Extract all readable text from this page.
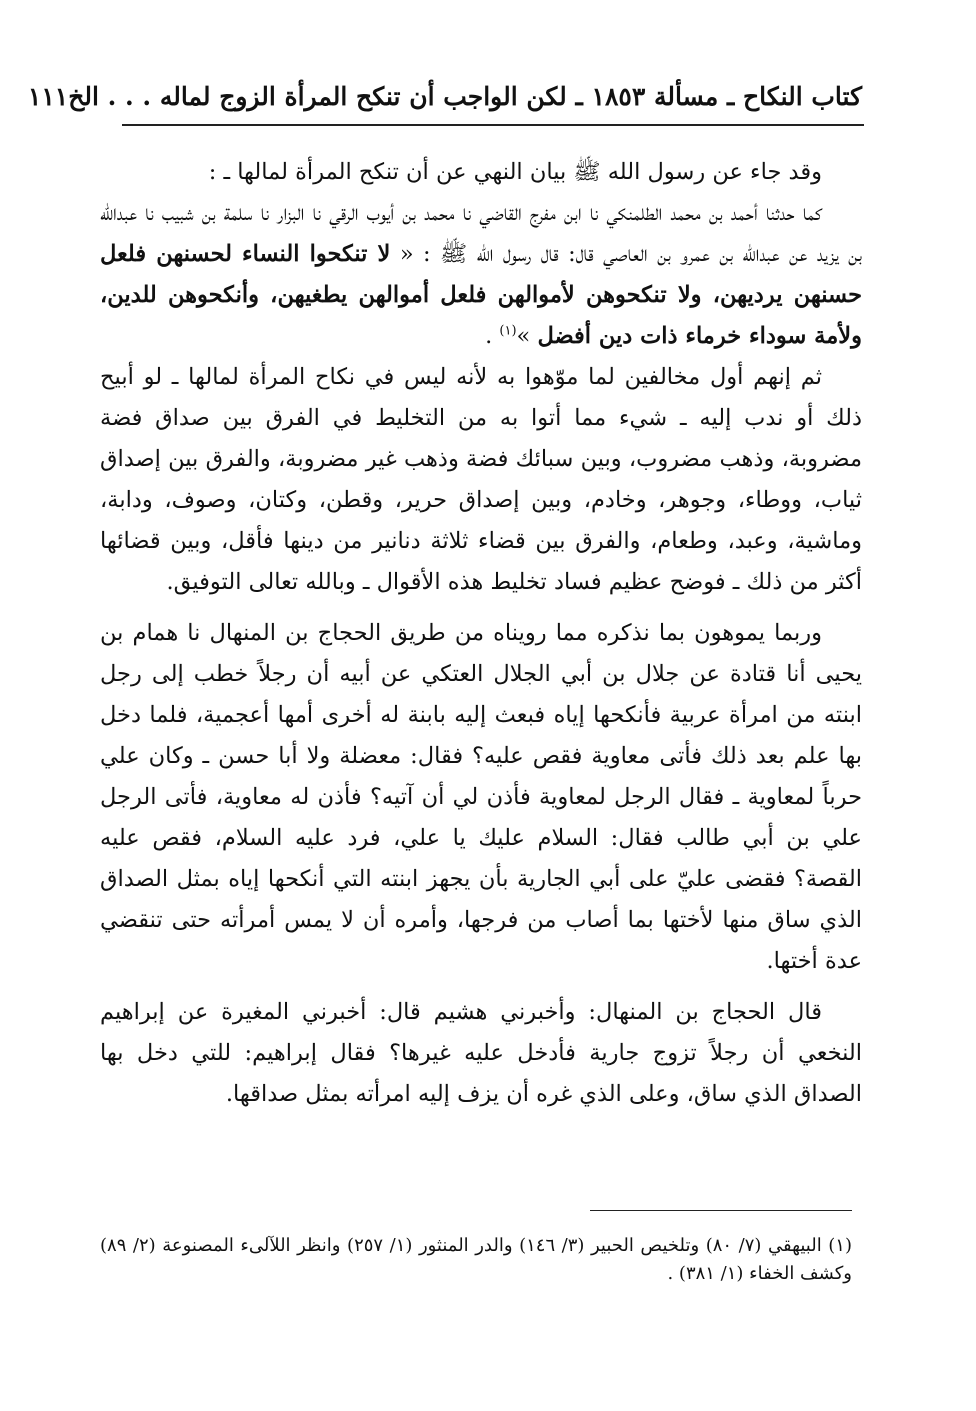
كتاب النكاح ـ مسألة ١٨٥٣ ـ لكن الواجب أن تنكح المرأة الزوج لماله . . . الخ
١١١

وقد جاء عن رسول الله ﷺ بيان النهي عن أن تنكح المرأة لمالها ـ :

كما حدثنا أحمد بن محمد الطلمنكي نا ابن مفرج القاضي نا محمد بن أيوب الرقي نا البزار نا سلمة بن شبيب نا عبدالله بن يزيد عن عبدالله بن عمرو بن العاصي قال: قال رسول الله ﷺ : « لا تنكحوا النساء لحسنهن فلعل حسنهن يرديهن، ولا تنكحوهن لأموالهن فلعل أموالهن يطغيهن، وأنكحوهن للدين، ولأمة سوداء خرماء ذات دين أفضل »$^{(١)}$ .

ثم إنهم أول مخالفين لما موّهوا به لأنه ليس في نكاح المرأة لمالها ـ لو أبيح ذلك أو ندب إليه ـ شيء مما أتوا به من التخليط في الفرق بين صداق فضة مضروبة، وذهب مضروب، وبين سبائك فضة وذهب غير مضروبة، والفرق بين إصداق ثياب، ووطاء، وجوهر، وخادم، وبين إصداق حرير، وقطن، وكتان، وصوف، ودابة، وماشية، وعبد، وطعام، والفرق بين قضاء ثلاثة دنانير من دينها فأقل، وبين قضائها أكثر من ذلك ـ فوضح عظيم فساد تخليط هذه الأقوال ـ وبالله تعالى التوفيق.

وربما يموهون بما نذكره مما رويناه من طريق الحجاج بن المنهال نا همام بن يحيى أنا قتادة عن جلال بن أبي الجلال العتكي عن أبيه أن رجلاً خطب إلى رجل ابنته من امرأة عربية فأنكحها إياه فبعث إليه بابنة له أخرى أمها أعجمية، فلما دخل بها علم بعد ذلك فأتى معاوية فقص عليه؟ فقال: معضلة ولا أبا حسن ـ وكان علي حرباً لمعاوية ـ فقال الرجل لمعاوية فأذن لي أن آتيه؟ فأذن له معاوية، فأتى الرجل علي بن أبي طالب فقال: السلام عليك يا علي، فرد عليه السلام، فقص عليه القصة؟ فقضى عليّ على أبي الجارية بأن يجهز ابنته التي أنكحها إياه بمثل الصداق الذي ساق منها لأختها بما أصاب من فرجها، وأمره أن لا يمس أمرأته حتى تنقضي عدة أختها.

قال الحجاج بن المنهال: وأخبرني هشيم قال: أخبرني المغيرة عن إبراهيم النخعي أن رجلاً تزوج جارية فأدخل عليه غيرها؟ فقال إبراهيم: للتي دخل بها الصداق الذي ساق، وعلى الذي غره أن يزف إليه امرأته بمثل صداقها.

(١) البيهقي (٧/ ٨٠) وتلخيص الحبير (٣/ ١٤٦) والدر المنثور (١/ ٢٥٧) وانظر اللآلىء المصنوعة (٢/ ٨٩) وكشف الخفاء (١/ ٣٨١) .
